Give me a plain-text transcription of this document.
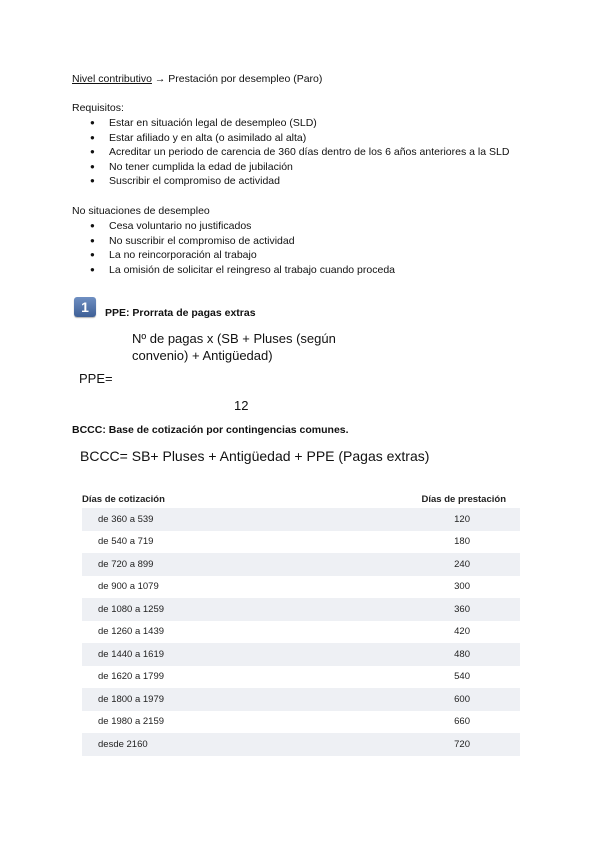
Nivel contributivo → Prestación por desempleo (Paro)
Requisitos:
● Estar en situación legal de desempleo (SLD)
● Estar afiliado y en alta (o asimilado al alta)
● Acreditar un periodo de carencia de 360 días dentro de los 6 años anteriores a la SLD
● No tener cumplida la edad de jubilación
● Suscribir el compromiso de actividad
No situaciones de desempleo
● Cesa voluntario no justificados
● No suscribir el compromiso de actividad
● La no reincorporación al trabajo
● La omisión de solicitar el reingreso al trabajo cuando proceda
1	PPE: Prorrata de pagas extras
Nº de pagas x (SB + Pluses (según convenio) + Antigüedad)
PPE=
12
BCCC: Base de cotización por contingencias comunes.
BCCC= SB+ Pluses + Antigüedad + PPE (Pagas extras)
Días de cotización	Días de prestación
de 360 a 539	120
de 540 a 719	180
de 720 a 899	240
de 900 a 1079	300
de 1080 a 1259	360
de 1260 a 1439	420
de 1440 a 1619	480
de 1620 a 1799	540
de 1800 a 1979	600
de 1980 a 2159	660
desde 2160	720
